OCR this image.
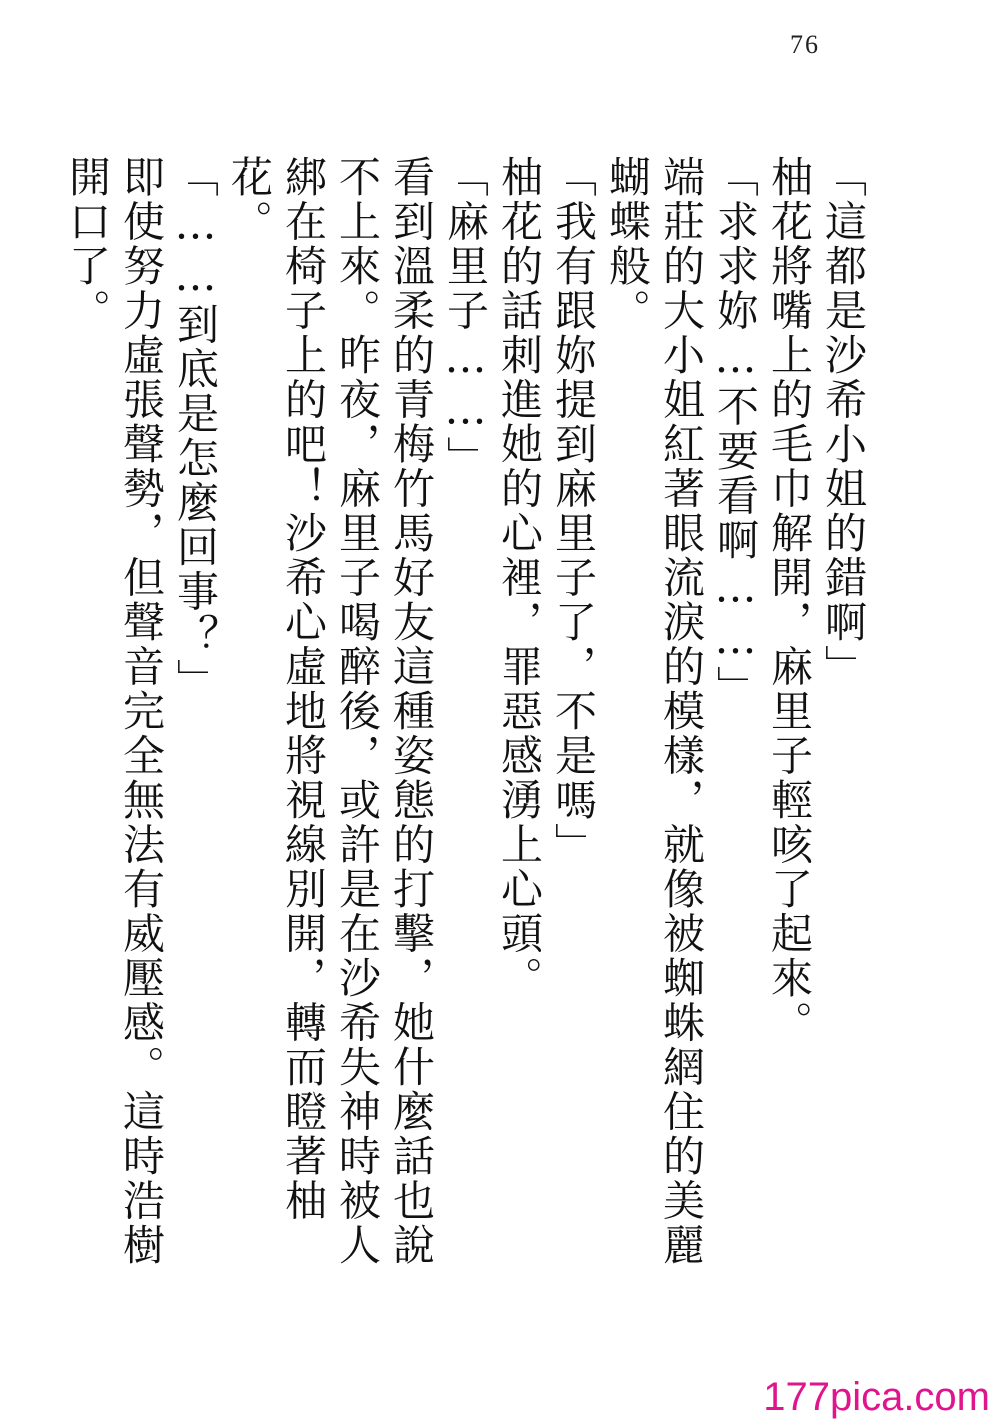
76

「這都是沙希小姐的錯啊」

柚花將嘴上的毛巾解開，麻里子輕咳了起來。

「求求妳…不要看啊……」

端莊的大小姐紅著眼流淚的模樣，就像被蜘蛛網住的美麗蝴蝶般。

「我有跟妳提到麻里子了，不是嗎」

柚花的話刺進她的心裡，罪惡感湧上心頭。

「麻里子……」

看到溫柔的青梅竹馬好友這種姿態的打擊，她什麼話也說不上來。昨夜，麻里子喝醉後，或許是在沙希失神時被人綁在椅子上的吧！沙希心虛地將視線別開，轉而瞪著柚花。

「……到底是怎麼回事？」

即使努力虛張聲勢，但聲音完全無法有威壓感。這時浩樹開口了。

177pica.com
